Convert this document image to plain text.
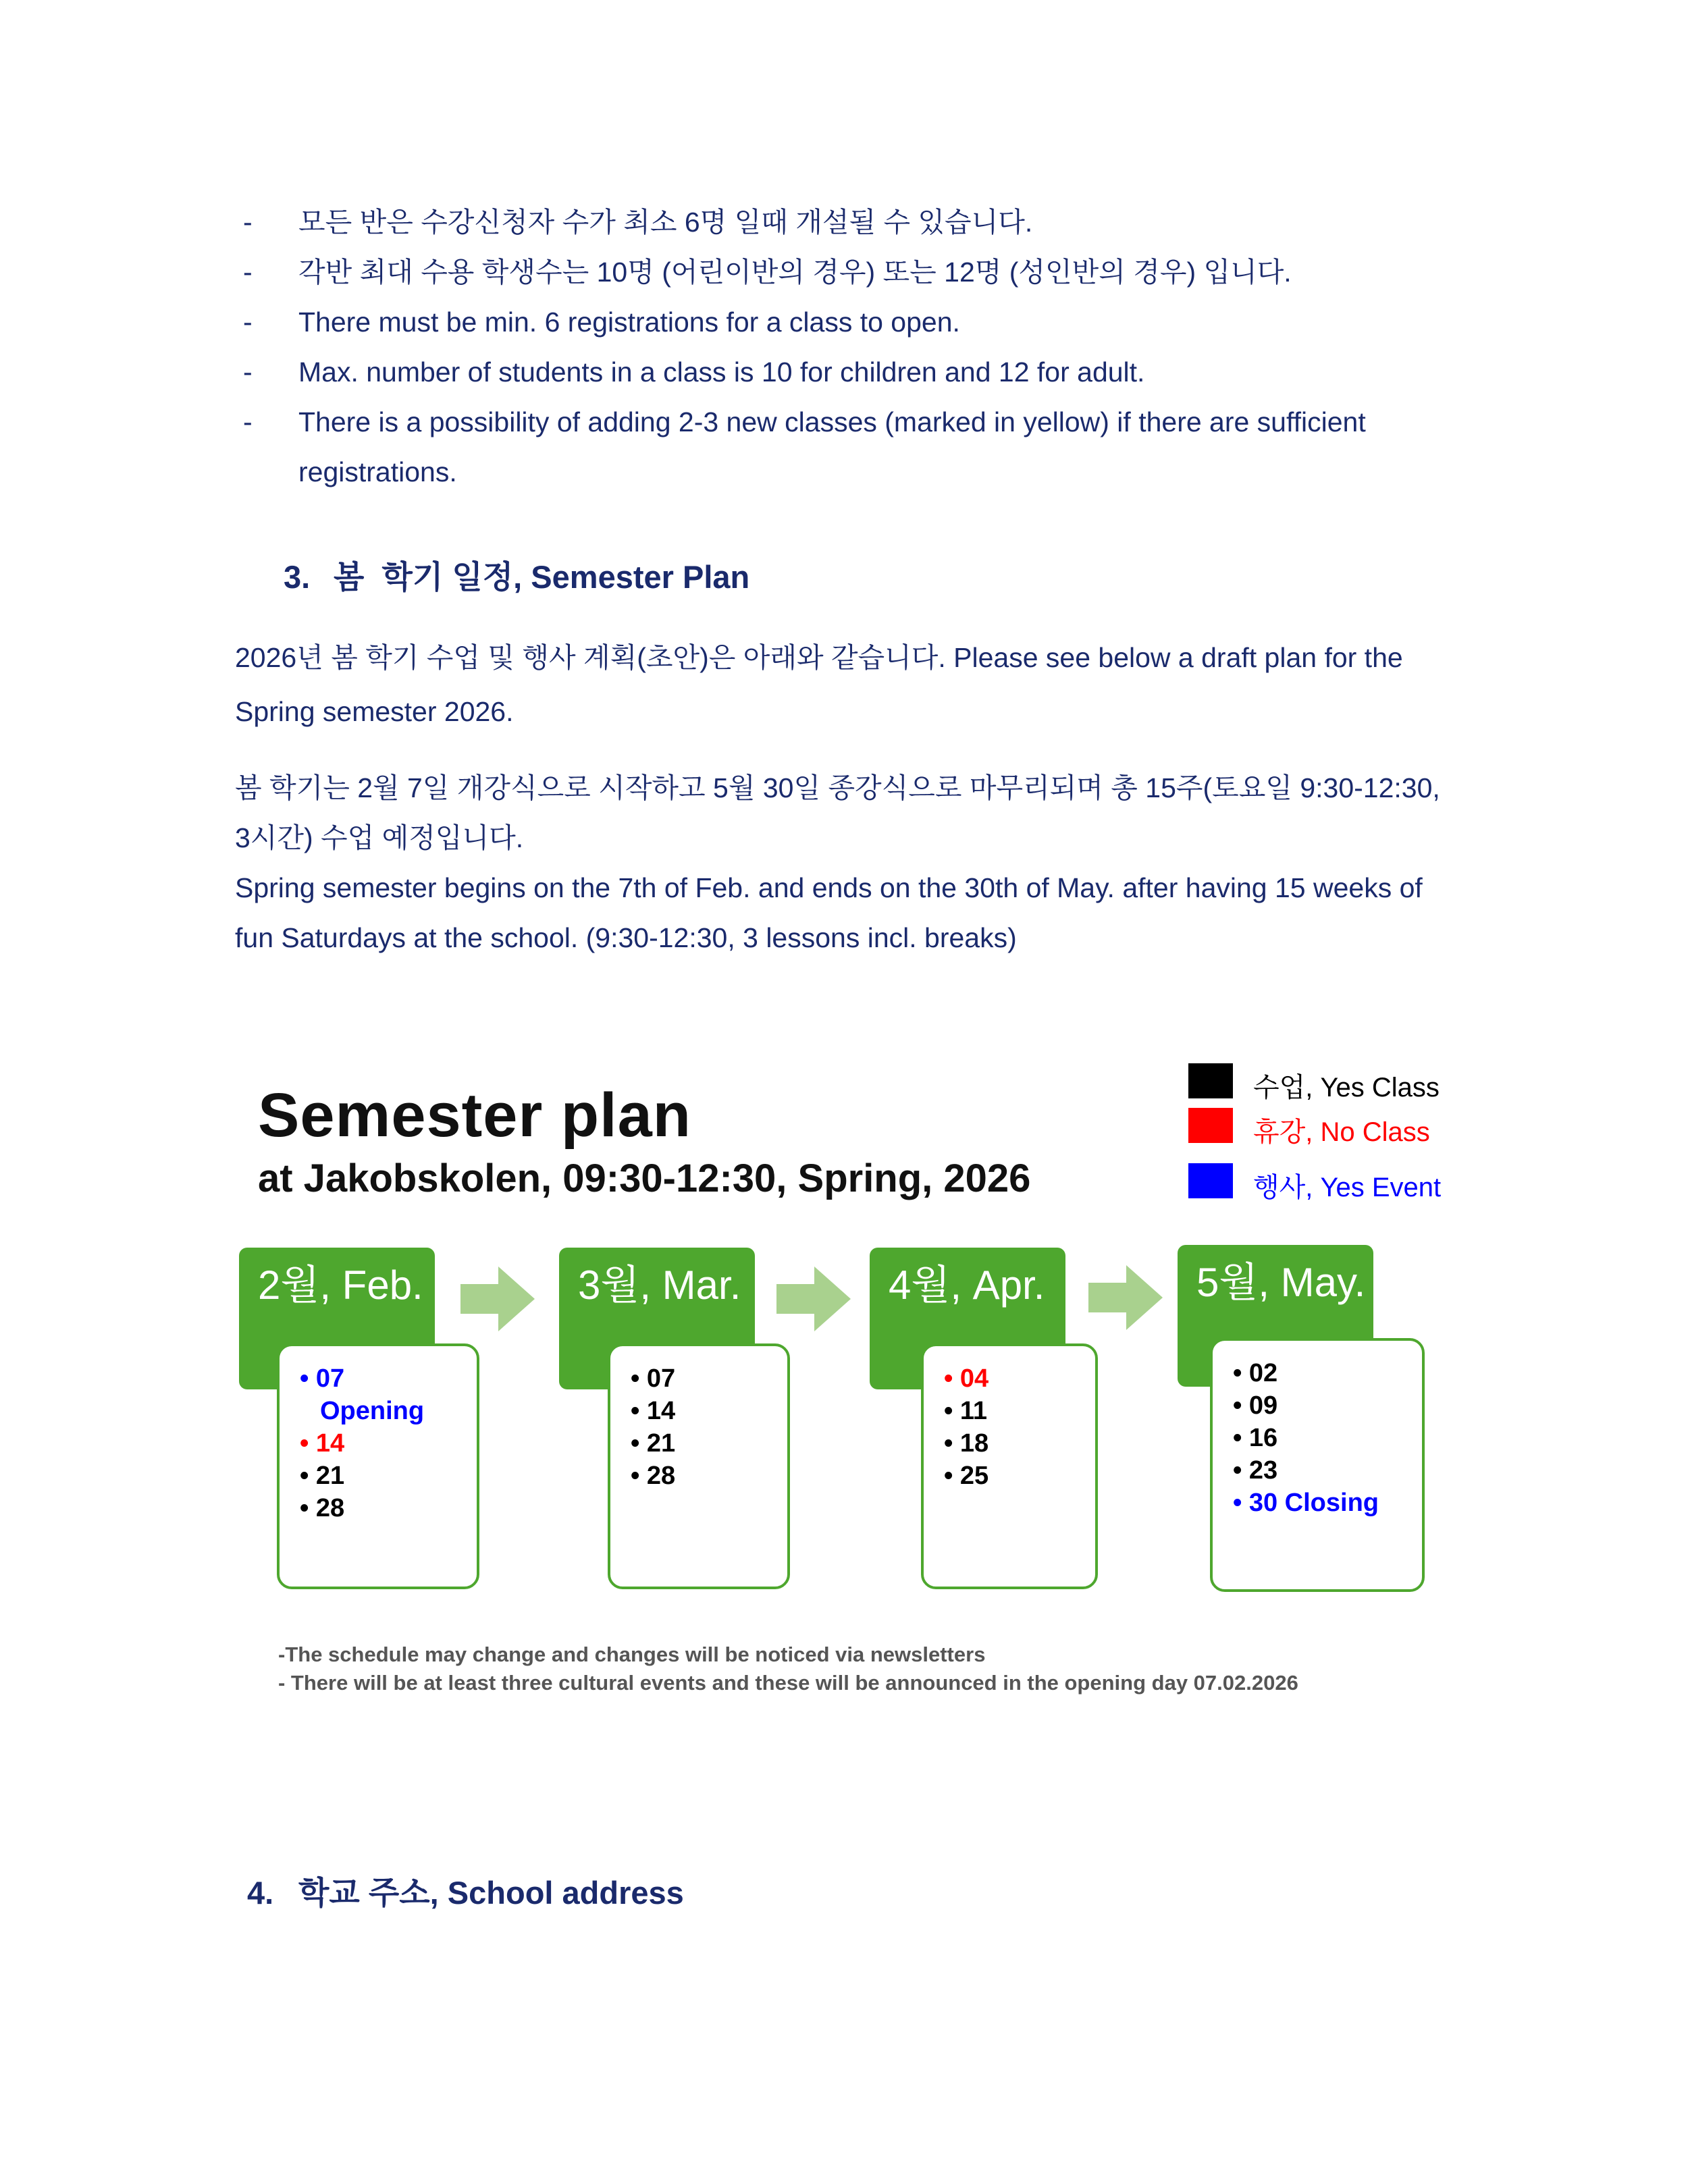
-	모든 반은 수강신청자 수가 최소 6명 일때 개설될 수 있습니다.
-	각반 최대 수용 학생수는 10명 (어린이반의 경우) 또는 12명 (성인반의 경우) 입니다.
-	There must be min. 6 registrations for a class to open.
-	Max. number of students in a class is 10 for children and 12 for adult.
-	There is a possibility of adding 2-3 new classes (marked in yellow) if there are sufficient registrations.
3. 봄  학기 일정, Semester Plan
2026년 봄 학기 수업 및 행사 계획(초안)은 아래와 같습니다. Please see below a draft plan for the Spring semester 2026.
봄 학기는 2월 7일 개강식으로 시작하고 5월 30일 종강식으로 마무리되며 총 15주(토요일 9:30-12:30, 3시간) 수업 예정입니다.
Spring semester begins on the 7th of Feb. and ends on the 30th of May. after having 15 weeks of fun Saturdays at the school. (9:30-12:30, 3 lessons incl. breaks)
Semester plan
at Jakobskolen, 09:30-12:30, Spring, 2026
수업, Yes Class
휴강, No Class
행사, Yes Event
2월, Feb.	3월, Mar.	4월, Apr.	5월, May.
• 07
Opening
• 14
• 21
• 28
• 07
• 14
• 21
• 28
• 04
• 11
• 18
• 25
• 02
• 09
• 16
• 23
• 30 Closing
-The schedule may change and changes will be noticed via newsletters
- There will be at least three cultural events and these will be announced in the opening day 07.02.2026
4. 학교 주소, School address
